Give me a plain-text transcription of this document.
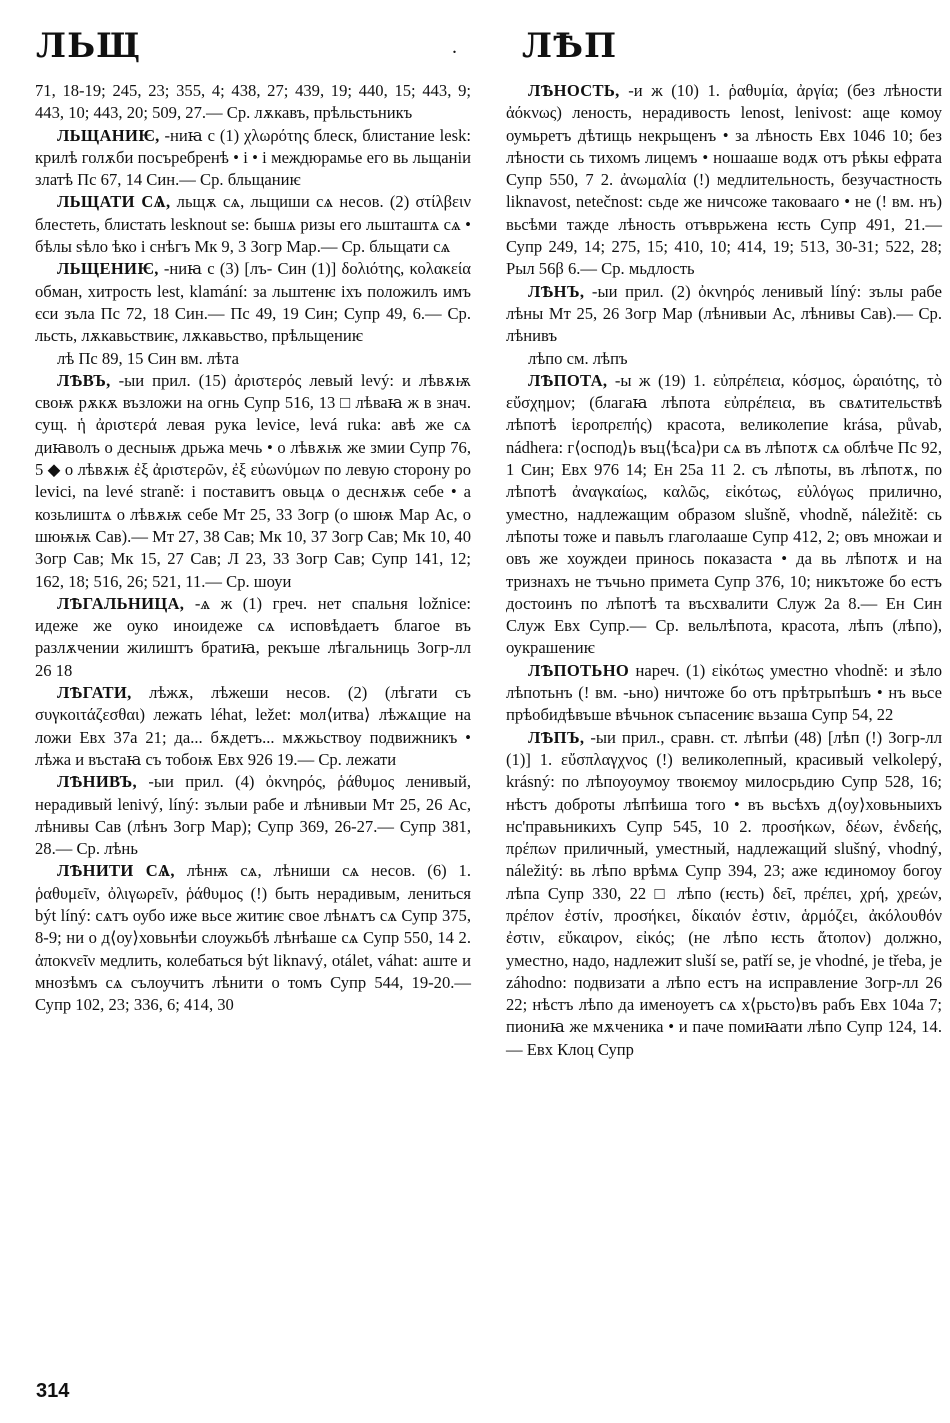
ЛЬЩ	. ЛѢП

71, 18-19; 245, 23; 355, 4; 438, 27; 439, 19; 440, 15; 443, 9; 443, 10; 443, 20; 509, 27.— Ср. лѫкавъ, прѣльстьникъ

ЛЬЩАНИѤ, -ниꙗ с (1) χλωρότης блеск, блистание lesk: крилѣ голѫби посъребренѣ • і • і междюрамье его вь льщаніи златѣ Пс 67, 14 Син.— Ср. бльщаниѥ

ЛЬЩАТИ СѦ, льщѫ сѧ, льщиши сѧ несов. (2) στίλβειν блестеть, блистать lesknout se: бышѧ ризы его льшташтѧ сѧ • бѣлы ѕѣло ѣко і снѣгъ Мк 9, 3 Зогр Мар.— Ср. бльщати сѧ

ЛЬЩЕНИѤ, -ниꙗ с (3) [лъ- Син (1)] δολιότης, κολακεία обман, хитрость lest, klamání: за льштенѥ іхъ положилъ имъ єси зъла Пс 72, 18 Син.— Пс 49, 19 Син; Супр 49, 6.— Ср. льсть, лѫкавьствиѥ, лѫкавьство, прѣльщениѥ

лѣ Пс 89, 15 Син вм. лѣта

ЛѢВЪ, -ыи прил. (15) ἀριστερός левый levý: и лѣвѫѭ своѭ рѫкѫ възложи на огнь Супр 516, 13 □ лѣваꙗ ж в знач. сущ. ἡ ἀριστερά левая рука levice, levá ruka: авѣ же сѧ диꙗволъ о десныѭ дрьжа мечь • о лѣвѫѭ же змии Супр 76, 5 ◆ о лѣвѫѭ ἐξ ἀριστερῶν, ἐξ εὐωνύμων по левую сторону po levici, na levé straně: і поставитъ овьцѧ о деснѫѭ себе • а козьлиштѧ о лѣвѫѭ себе Мт 25, 33 Зогр (о шюѭ Мар Ас, о шюѭѭ Сав).— Мт 27, 38 Сав; Мк 10, 37 Зогр Сав; Мк 10, 40 Зогр Сав; Мк 15, 27 Сав; Л 23, 33 Зогр Сав; Супр 141, 12; 162, 18; 516, 26; 521, 11.— Ср. шоуи

ЛѢГАЛЬНИЦА, -ѧ ж (1) греч. нет спальня ložnice: идеже же оуко иноидеже сѧ исповѣдаетъ благое въ разлѫчении жилиштъ братиꙗ, рекъше лѣгальниць Зогр-лл 26 18

ЛѢГАТИ, лѣжѫ, лѣжеши несов. (2) (лѣгати съ συγκοιτάζεσθαι) лежать léhat, ležet: мол⟨итва⟩ лѣжѧщие на ложи Евх 37а 21; да... бѫдетъ... мѫжьствоу подвижникъ • лѣжа и въстаꙗ съ тобоѭ Евх 926 19.— Ср. лежати

ЛѢНИВЪ, -ыи прил. (4) ὀκνηρός, ῥάθυμος ленивый, нерадивый lenivý, líný: зълыи рабе и лѣнивыи Мт 25, 26 Ас, лѣнивы Сав (лѣнъ Зогр Мар); Супр 369, 26-27.— Супр 381, 28.— Ср. лѣнь

ЛѢНИТИ СѦ, лѣнѭ сѧ, лѣниши сѧ несов. (6) 1. ῥαθυμεῖν, ὀλιγωρεῖν, ῥάθυμος (!) быть нерадивым, лениться být líný: сѧтъ оубо иже вьсе житиѥ свое лѣнѧтъ сѧ Супр 375, 8-9; ни о д⟨оу⟩ховьнѣи слоужьбѣ лѣнѣаше сѧ Супр 550, 14 2. ἀποκνεῖν медлить, колебаться být liknavý, otálet, váhat: аште и мнозѣмъ сѧ сълоучитъ лѣнити о томъ Супр 544, 19-20.— Супр 102, 23; 336, 6; 414, 30

ЛѢНОСТЬ, -и ж (10) 1. ῥαθυμία, ἀργία; (без лѣности ἀόκνως) леность, нерадивость lenost, lenivost: аще комоу оумьретъ дѣтищь некрьщенъ • за лѣность Евх 1046 10; без лѣности сь тихомъ лицемъ • ношааше водѫ отъ рѣкы ефрата Супр 550, 7 2. ἀνωμαλία (!) медлительность, безучастность liknavost, netečnost: сьде же ничсоже таковааго • не (! вм. нъ) вьсѣми тажде лѣность отъврьжена ѥсть Супр 491, 21.— Супр 249, 14; 275, 15; 410, 10; 414, 19; 513, 30-31; 522, 28; Рыл 56β 6.— Ср. мьдлость

ЛѢНЪ, -ыи прил. (2) ὀκνηρός ленивый líný: зълы рабе лѣны Мт 25, 26 Зогр Мар (лѣнивыи Ас, лѣнивы Сав).— Ср. лѣнивъ

лѣпо см. лѣпъ

ЛѢПОТА, -ы ж (19) 1. εὐπρέπεια, κόσμος, ὡραιότης, τὸ εὔσχημον; (благаꙗ лѣпота εὐπρέπεια, въ свѧтительствѣ лѣпотѣ ἱεροπρεπής) красота, великолепие krása, půvab, nádhera: г⟨оспод⟩ь въц⟨ѣса⟩ри сѧ въ лѣпотѫ сѧ облѣче Пс 92, 1 Син; Евх 976 14; Ен 25а 11 2. съ лѣпоты, въ лѣпотѫ, по лѣпотѣ ἀναγκαίως, καλῶς, εἰκότως, εὐλόγως прилично, уместно, надлежащим образом slušně, vhodně, náležitě: сь лѣпоты тоже и павьлъ глаголааше Супр 412, 2; овъ множаи и овъ же хоуждеи принось показаста • да вь лѣпотѫ и на тризнахъ не тъчьно примета Супр 376, 10; никътоже бо естъ достоинъ по лѣпотѣ та въсхвалити Служ 2а 8.— Ен Син Служ Евх Супр.— Ср. вельлѣпота, красота, лѣпъ (лѣпо), оукрашениѥ

ЛѢПОТЬНО нареч. (1) εἰκότως уместно vhodně: и зѣло лѣпотьнъ (! вм. -ьно) ничтоже бо отъ прѣтрьпѣшъ • нъ вьсе прѣобидѣвъше вѣчьнок съпасениѥ вьзаша Супр 54, 22

ЛѢПЪ, -ыи прил., сравн. ст. лѣпѣи (48) [лѣп (!) Зогр-лл (1)] 1. εὔσπλαγχνος (!) великолепный, красивый velkolepý, krásný: по лѣпоуоумоу твоѥмоу милосрьдию Супр 528, 16; нѣстъ доброты лѣпѣиша того • въ вьсѣхъ д⟨оу⟩ховьныихъ нс'правьникихъ Супр 545, 10 2. προσήκων, δέων, ἐνδεής, πρέπων приличный, уместный, надлежащий slušný, vhodný, náležitý: вь лѣпо врѣмѧ Супр 394, 23; аже ѥдиномоу богоу лѣпа Супр 330, 22 □ лѣпо (ѥсть) δεῖ, πρέπει, χρή, χρεών, πρέπον ἐστίν, προσήκει, δίκαιόν ἐστιν, ἁρμόζει, ἀκόλουθόν ἐστιν, εὔκαιρον, εἰκός; (не лѣпо ѥсть ἄτοπον) должно, уместно, надо, надлежит sluší se, patří se, je vhodné, je třeba, je záhodno: подвизати а лѣпо естъ на исправление Зогр-лл 26 22; нѣстъ лѣпо да именоуетъ сѧ х⟨рьсто⟩въ рабъ Евх 104а 7; пиониꙗ же мѫченика • и паче помиꙗати лѣпо Супр 124, 14.— Евх Клоц Супр

314
